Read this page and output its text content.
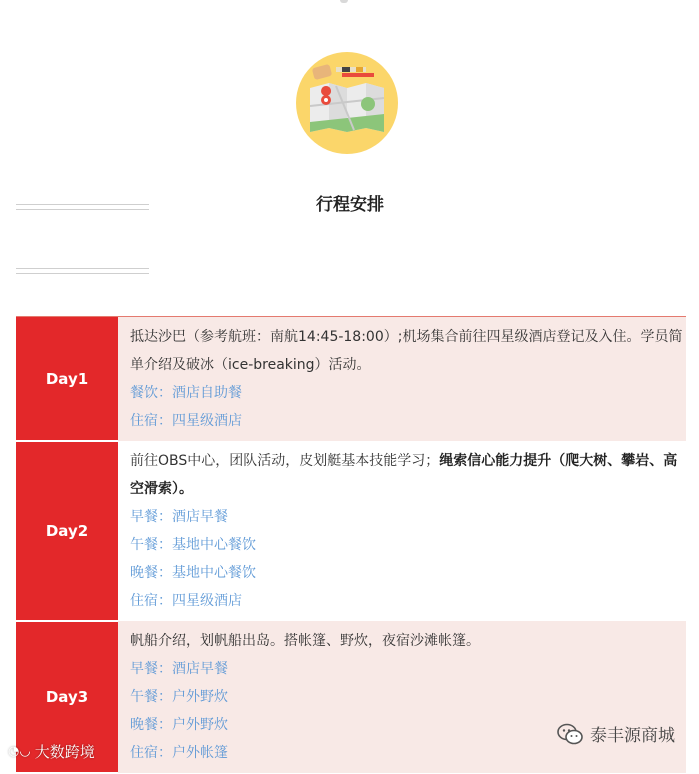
行程安排
Day1	抵达沙巴（参考航班：南航14:45-18:00）;机场集合前往四星级酒店登记及入住。学员简单介绍及破冰（ice-breaking）活动。

餐饮：酒店自助餐

住宿：四星级酒店

Day2	前往OBS中心，团队活动，皮划艇基本技能学习；绳索信心能力提升（爬大树、攀岩、高空滑索）。

早餐：酒店早餐

午餐：基地中心餐饮

晚餐：基地中心餐饮

住宿：四星级酒店

Day3	帆船介绍，划帆船出岛。搭帐篷、野炊，夜宿沙滩帐篷。

早餐：酒店早餐

午餐：户外野炊

晚餐：户外野炊

住宿：户外帐篷

◔◡ 大数跨境
泰丰源商城
